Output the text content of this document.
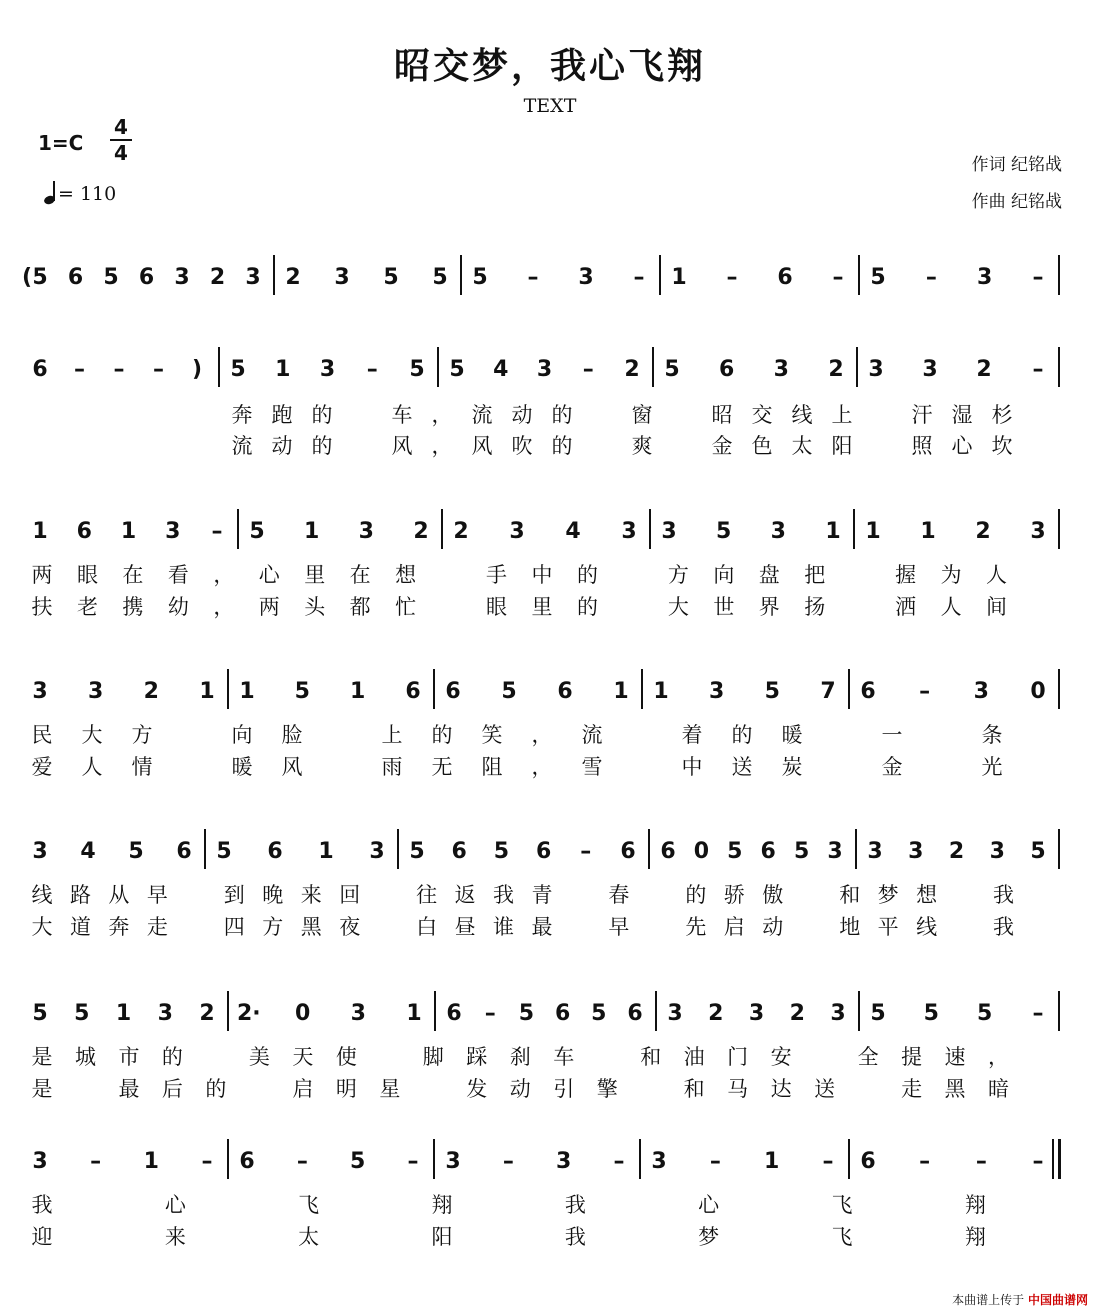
昭交梦，我心飞翔
TEXT
1=C
4
4
= 110
作词 纪铭战
作曲 纪铭战
( 5 6 5 6 3 2 3 2 3 5 5 5 – 3 – 1 – 6 – 5 – 3 –
6 – – – ) 5 1 3 – 5 5 4 3 – 2 5 6 3 2 3 3 2 –
奔 跑 的	车 ， 流 动 的	窗	昭 交 线 上	汗 湿 杉
流 动 的	风 ， 风 吹 的	爽	金 色 太 阳	照 心 坎
1 6 1 3 – 5 1 3 2 2 3 4 3 3 5 3 1 1 1 2 3
两 眼 在 看 ， 心 里 在 想	手 中 的	方 向 盘 把	握 为 人
扶 老 携 幼 ， 两 头 都 忙	眼 里 的	大 世 界 扬	洒 人 间
3 3 2 1 1 5 1 6 6 5 6 1 1 3 5 7 6 – 3 0
民 大 方	向 脸	上 的 笑 ， 流	着 的 暖	一	条
爱 人 情	暖 风	雨 无 阻 ， 雪	中 送 炭	金	光
3 4 5 6 5 6 1 3 5 6 5 6 – 6 6 0 5 6 5 3 3 3 2 3 5
线 路 从 早	到 晚 来 回	往 返 我 青	春	的 骄 傲	和 梦 想	我
大 道 奔 走	四 方 黑 夜	白 昼 谁 最	早	先 启 动	地 平 线	我
5 5 1 3 2 2· 0 3 1 6 – 5 6 5 6 3 2 3 2 3 5 5 5 –
是 城 市 的	美 天 使	脚 踩 刹 车	和 油 门 安	全 提 速 ，
是	最 后 的	启 明 星	发 动 引 擎	和 马 达 送	走 黑 暗
3 – 1 – 6 – 5 – 3 – 3 – 3 – 1 – 6 – – –
我	心	飞	翔	我	心	飞	翔
迎	来	太	阳	我	梦	飞	翔
本曲谱上传于 中国曲谱网
